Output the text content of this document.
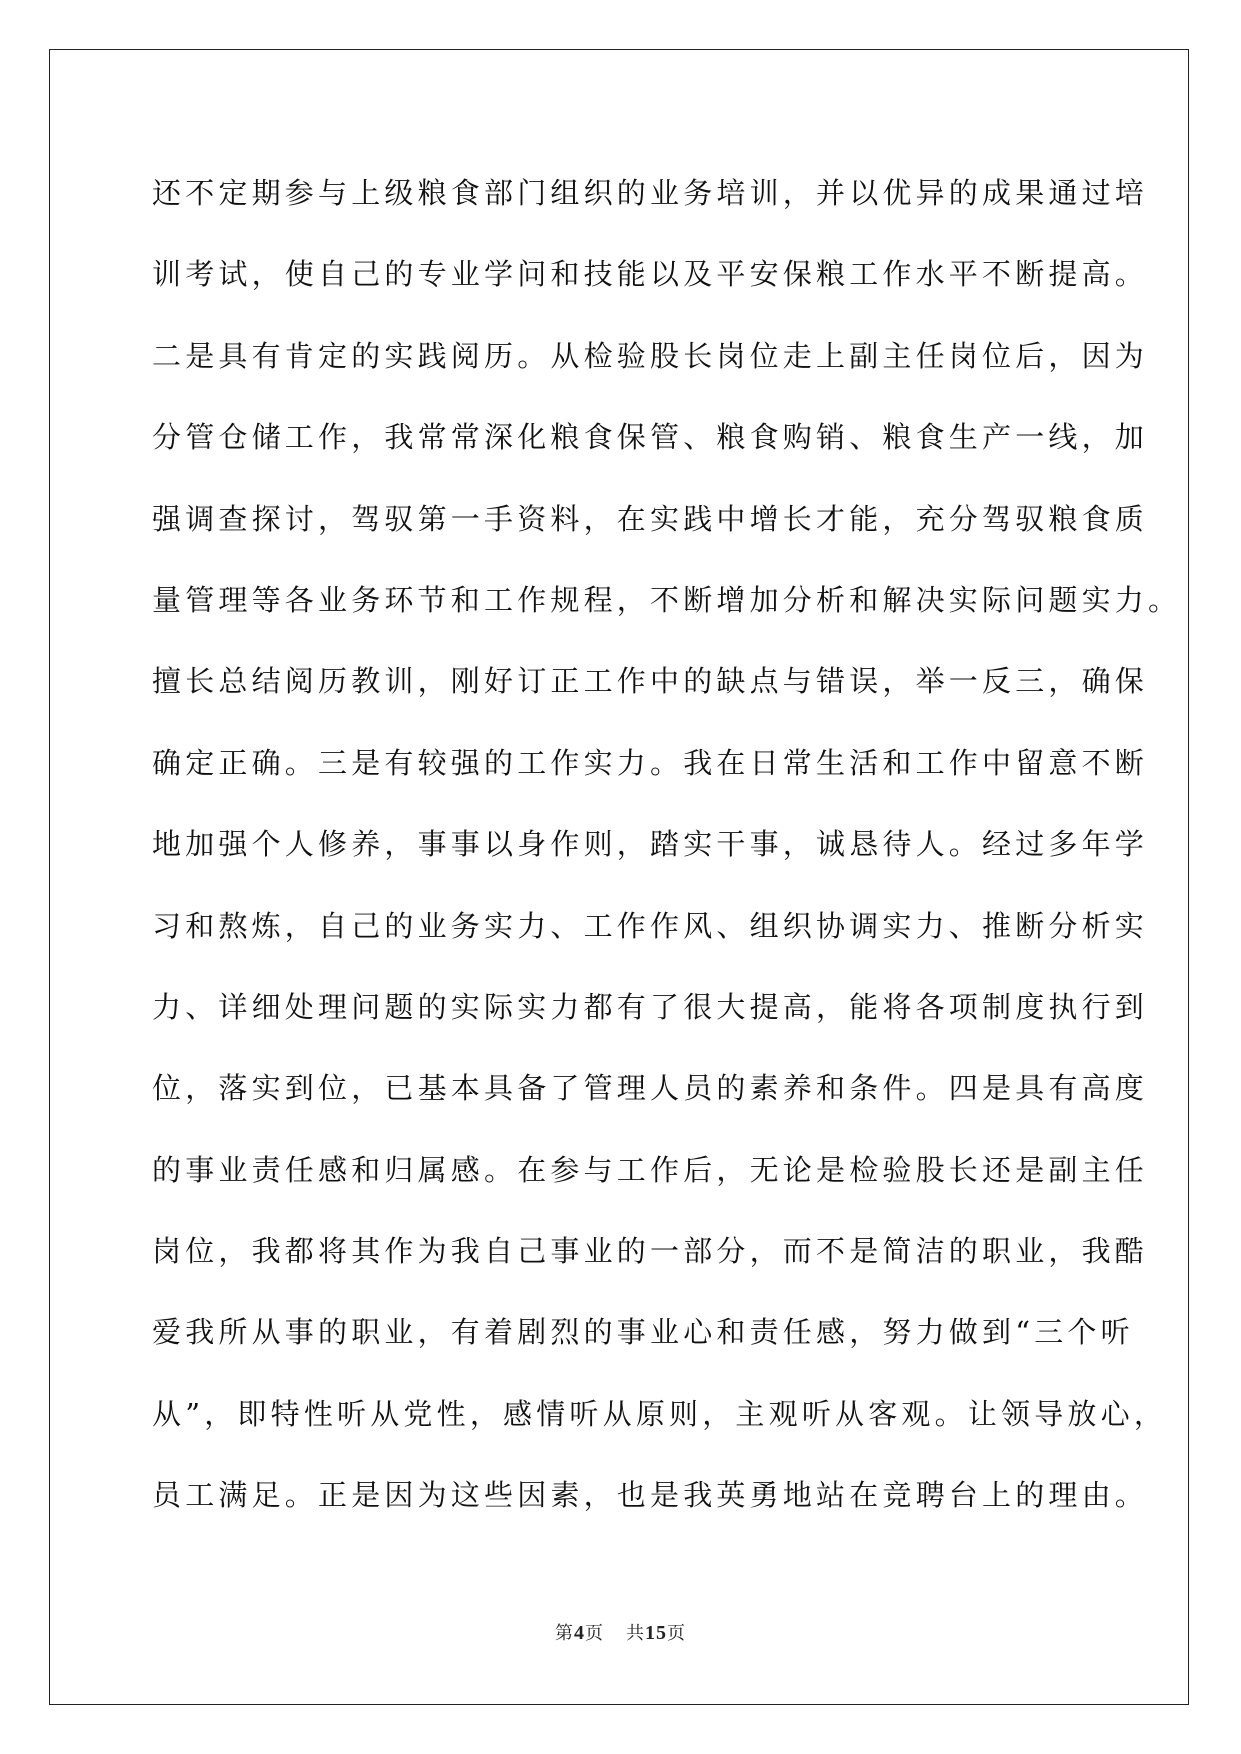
还不定期参与上级粮食部门组织的业务培训，并以优异的成果通过培
训考试，使自己的专业学问和技能以及平安保粮工作水平不断提高。
二是具有肯定的实践阅历。从检验股长岗位走上副主任岗位后，因为
分管仓储工作，我常常深化粮食保管、粮食购销、粮食生产一线，加
强调查探讨，驾驭第一手资料，在实践中增长才能，充分驾驭粮食质
量管理等各业务环节和工作规程，不断增加分析和解决实际问题实力。
擅长总结阅历教训，刚好订正工作中的缺点与错误，举一反三，确保
确定正确。三是有较强的工作实力。我在日常生活和工作中留意不断
地加强个人修养，事事以身作则，踏实干事，诚恳待人。经过多年学
习和熬炼，自己的业务实力、工作作风、组织协调实力、推断分析实
力、详细处理问题的实际实力都有了很大提高，能将各项制度执行到
位，落实到位，已基本具备了管理人员的素养和条件。四是具有高度
的事业责任感和归属感。在参与工作后，无论是检验股长还是副主任
岗位，我都将其作为我自己事业的一部分，而不是简洁的职业，我酷
爱我所从事的职业，有着剧烈的事业心和责任感，努力做到“三个听
从”，即特性听从党性，感情听从原则，主观听从客观。让领导放心，
员工满足。正是因为这些因素，也是我英勇地站在竞聘台上的理由。
第4页 共15页
